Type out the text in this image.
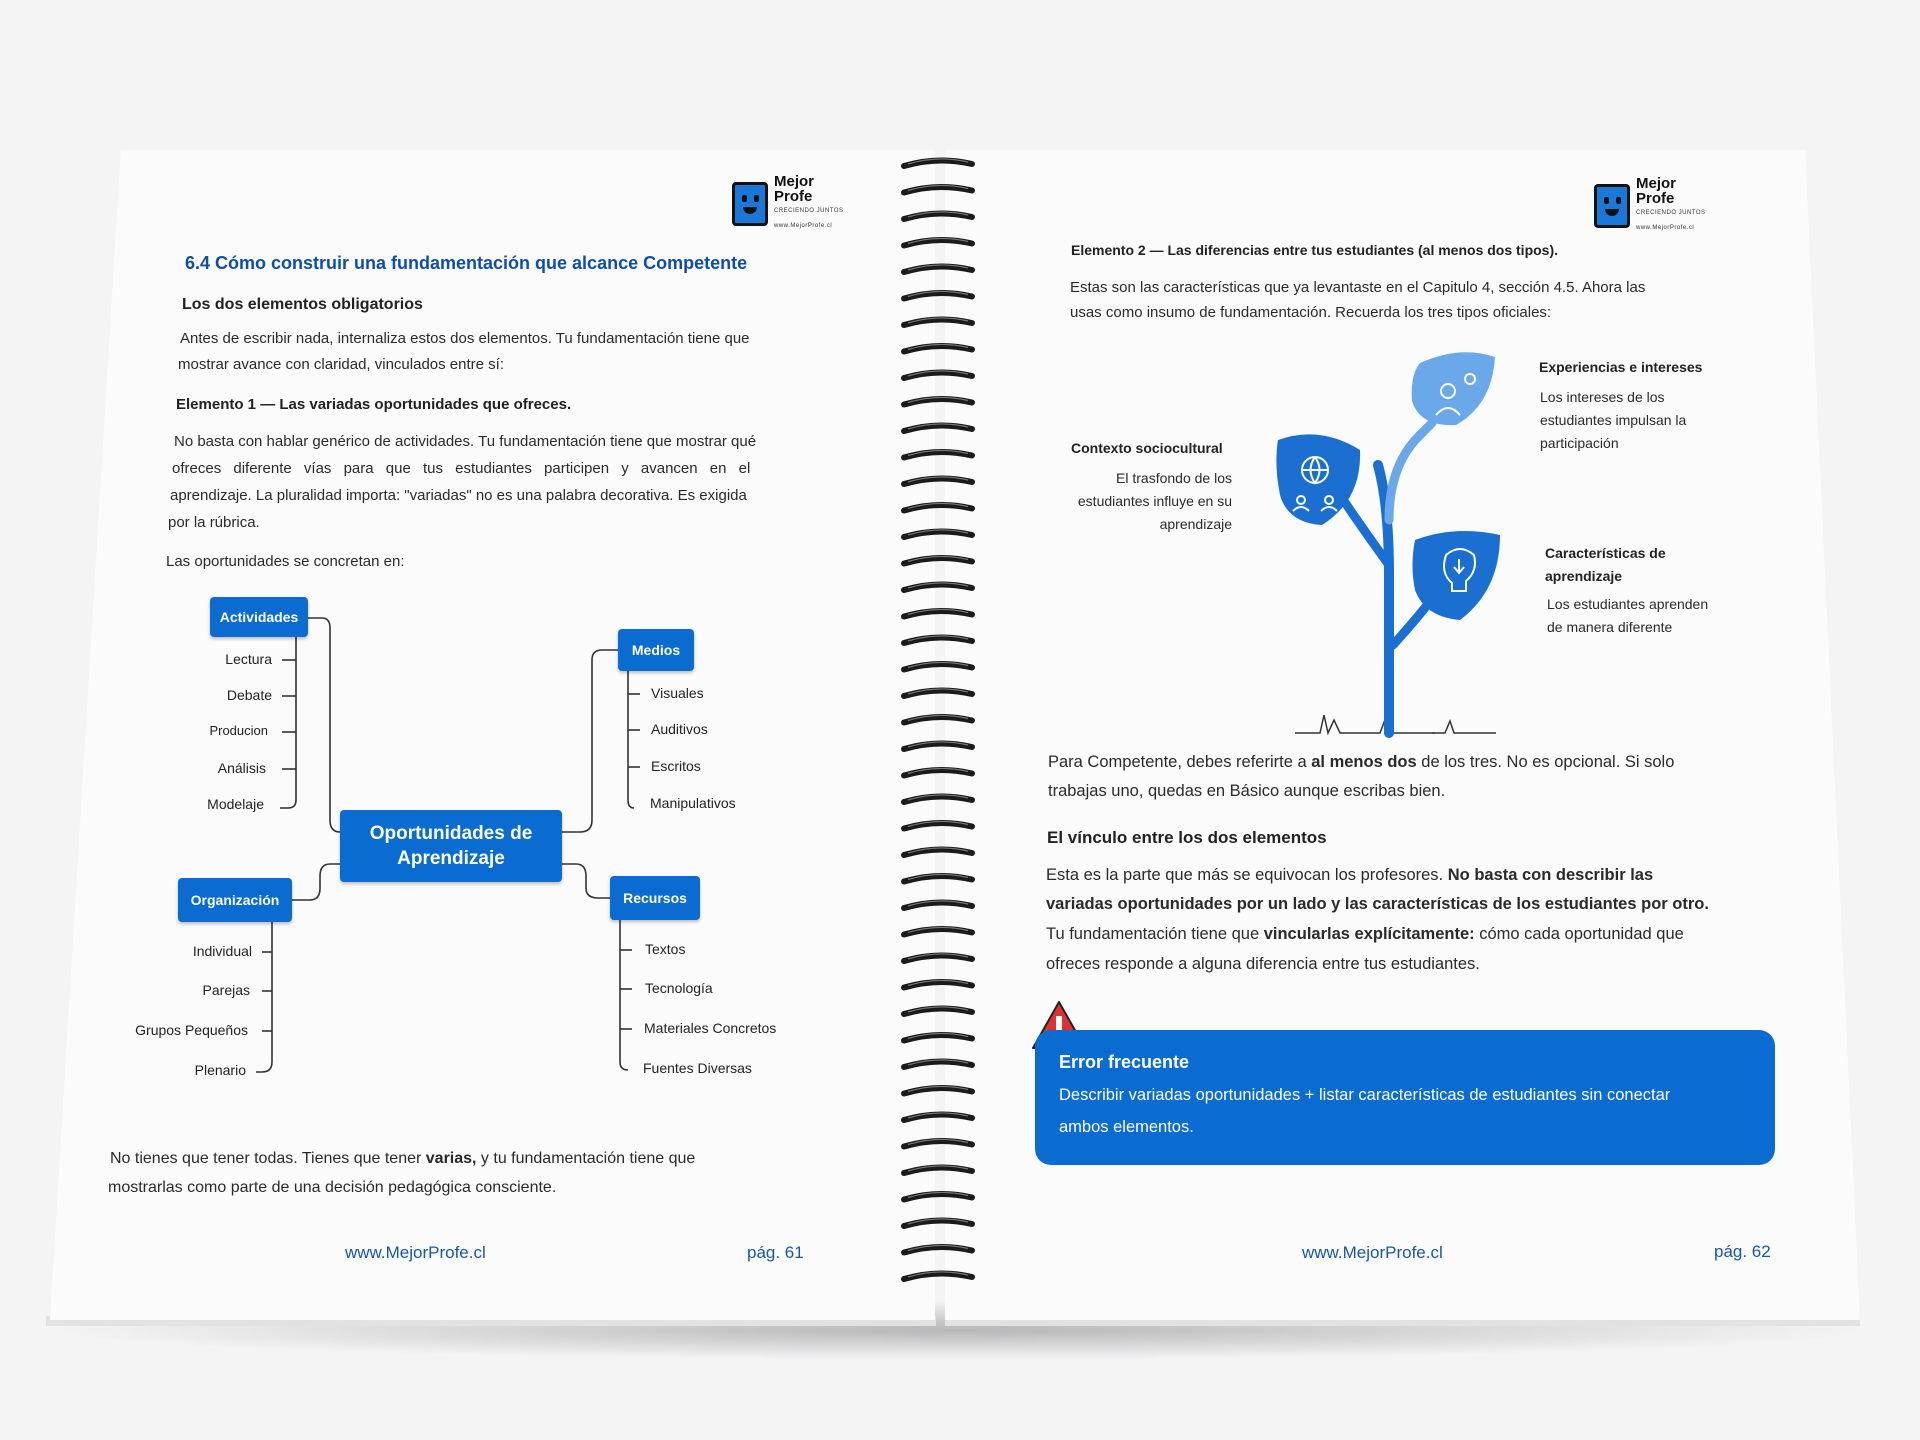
Mejor
Profe
CRECIENDO JUNTOS
www.MejorProfe.cl
6.4 Cómo construir una fundamentación que alcance Competente
Los dos elementos obligatorios
Antes de escribir nada, internaliza estos dos elementos. Tu fundamentación tiene que
mostrar avance con claridad, vinculados entre sí:
Elemento 1 — Las variadas oportunidades que ofreces.
No basta con hablar genérico de actividades. Tu fundamentación tiene que mostrar qué
ofreces diferente vías para que tus estudiantes participen y avancen en el
aprendizaje. La pluralidad importa: "variadas" no es una palabra decorativa. Es exigida
por la rúbrica.
Las oportunidades se concretan en:
Actividades
Lectura
Debate
Producion
Análisis
Modelaje
Medios
Visuales
Auditivos
Escritos
Manipulativos
Oportunidades de Aprendizaje
Organización
Individual
Parejas
Grupos Pequeños
Plenario
Recursos
Textos
Tecnología
Materiales Concretos
Fuentes Diversas
No tienes que tener todas. Tienes que tener varias, y tu fundamentación tiene que
mostrarlas como parte de una decisión pedagógica consciente.
www.MejorProfe.cl	pág. 61
Mejor
Profe
CRECIENDO JUNTOS
www.MejorProfe.cl
Elemento 2 — Las diferencias entre tus estudiantes (al menos dos tipos).
Estas son las características que ya levantaste en el Capitulo 4, sección 4.5. Ahora las
usas como insumo de fundamentación. Recuerda los tres tipos oficiales:
Experiencias e intereses
Los intereses de los
estudiantes impulsan la
participación
Contexto sociocultural
El trasfondo de los
estudiantes influye en su
aprendizaje
Características de
aprendizaje
Los estudiantes aprenden
de manera diferente
Para Competente, debes referirte a al menos dos de los tres. No es opcional. Si solo
trabajas uno, quedas en Básico aunque escribas bien.
El vínculo entre los dos elementos
Esta es la parte que más se equivocan los profesores. No basta con describir las
variadas oportunidades por un lado y las características de los estudiantes por otro.
Tu fundamentación tiene que vincularlas explícitamente: cómo cada oportunidad que
ofreces responde a alguna diferencia entre tus estudiantes.
Error frecuente
Describir variadas oportunidades + listar características de estudiantes sin conectar
ambos elementos.
www.MejorProfe.cl	pág. 62
